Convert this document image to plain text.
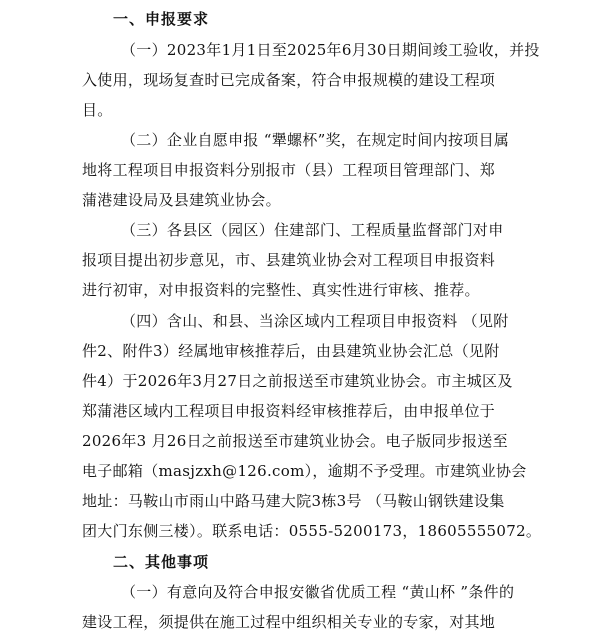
一、申报要求
（一）2023年1月1日至2025年6月30日期间竣工验收，并投
入使用，现场复查时已完成备案，符合申报规模的建设工程项
目。
（二）企业自愿申报 “犟螺杯”奖，在规定时间内按项目属
地将工程项目申报资料分别报市（县）工程项目管理部门、郑
蒲港建设局及县建筑业协会。
（三）各县区（园区）住建部门、工程质量监督部门对申
报项目提出初步意见，市、县建筑业协会对工程项目申报资料
进行初审，对申报资料的完整性、真实性进行审核、推荐。
（四）含山、和县、当涂区域内工程项目申报资料 （见附
件2、附件3）经属地审核推荐后，由县建筑业协会汇总（见附
件4）于2026年3月27日之前报送至市建筑业协会。市主城区及
郑蒲港区域内工程项目申报资料经审核推荐后，由申报单位于
2026年3 月26日之前报送至市建筑业协会。电子版同步报送至
电子邮箱（masjzxh@126.com），逾期不予受理。市建筑业协会
地址：马鞍山市雨山中路马建大院3栋3号 （马鞍山钢铁建设集
团大门东侧三楼）。联系电话：0555-5200173，18605555072。
二、其他事项
（一）有意向及符合申报安徽省优质工程 “黄山杯 ”条件的
建设工程，须提供在施工过程中组织相关专业的专家，对其地
